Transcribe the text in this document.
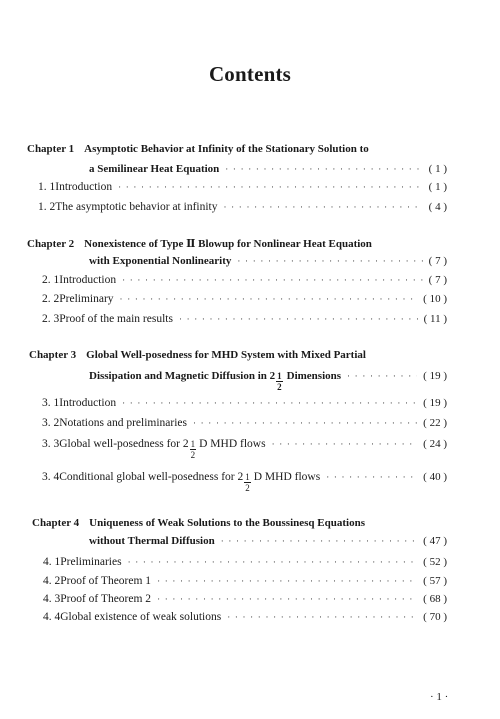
Contents
Chapter 1 Asymptotic Behavior at Infinity of the Stationary Solution to
a Semilinear Heat Equation · · ·	( 1 )
1. 1 Introduction · · ·	( 1 )
1. 2 The asymptotic behavior at infinity · · ·	( 4 )
Chapter 2 Nonexistence of Type Ⅱ Blowup for Nonlinear Heat Equation
with Exponential Nonlinearity · · ·	( 7 )
2. 1 Introduction · · ·	( 7 )
2. 2 Preliminary · · ·	( 10 )
2. 3 Proof of the main results · · ·	( 11 )
Chapter 3 Global Well-posedness for MHD System with Mixed Partial
Dissipation and Magnetic Diffusion in $2 \frac{1}{2}$ Dimensions · · ·	( 19 )
3. 1 Introduction · · ·	( 19 )
3. 2 Notations and preliminaries · · ·	( 22 )
3. 3 Global well-posedness for $2 \frac{1}{2}$ D MHD flows · · ·	( 24 )
3. 4 Conditional global well-posedness for $2 \frac{1}{2}$ D MHD flows · · ·	( 40 )
Chapter 4 Uniqueness of Weak Solutions to the Boussinesq Equations
without Thermal Diffusion · · ·	( 47 )
4. 1 Preliminaries · · ·	( 52 )
4. 2 Proof of Theorem 1 · · ·	( 57 )
4. 3 Proof of Theorem 2 · · ·	( 68 )
4. 4 Global existence of weak solutions · · ·	( 70 )
· 1 ·
